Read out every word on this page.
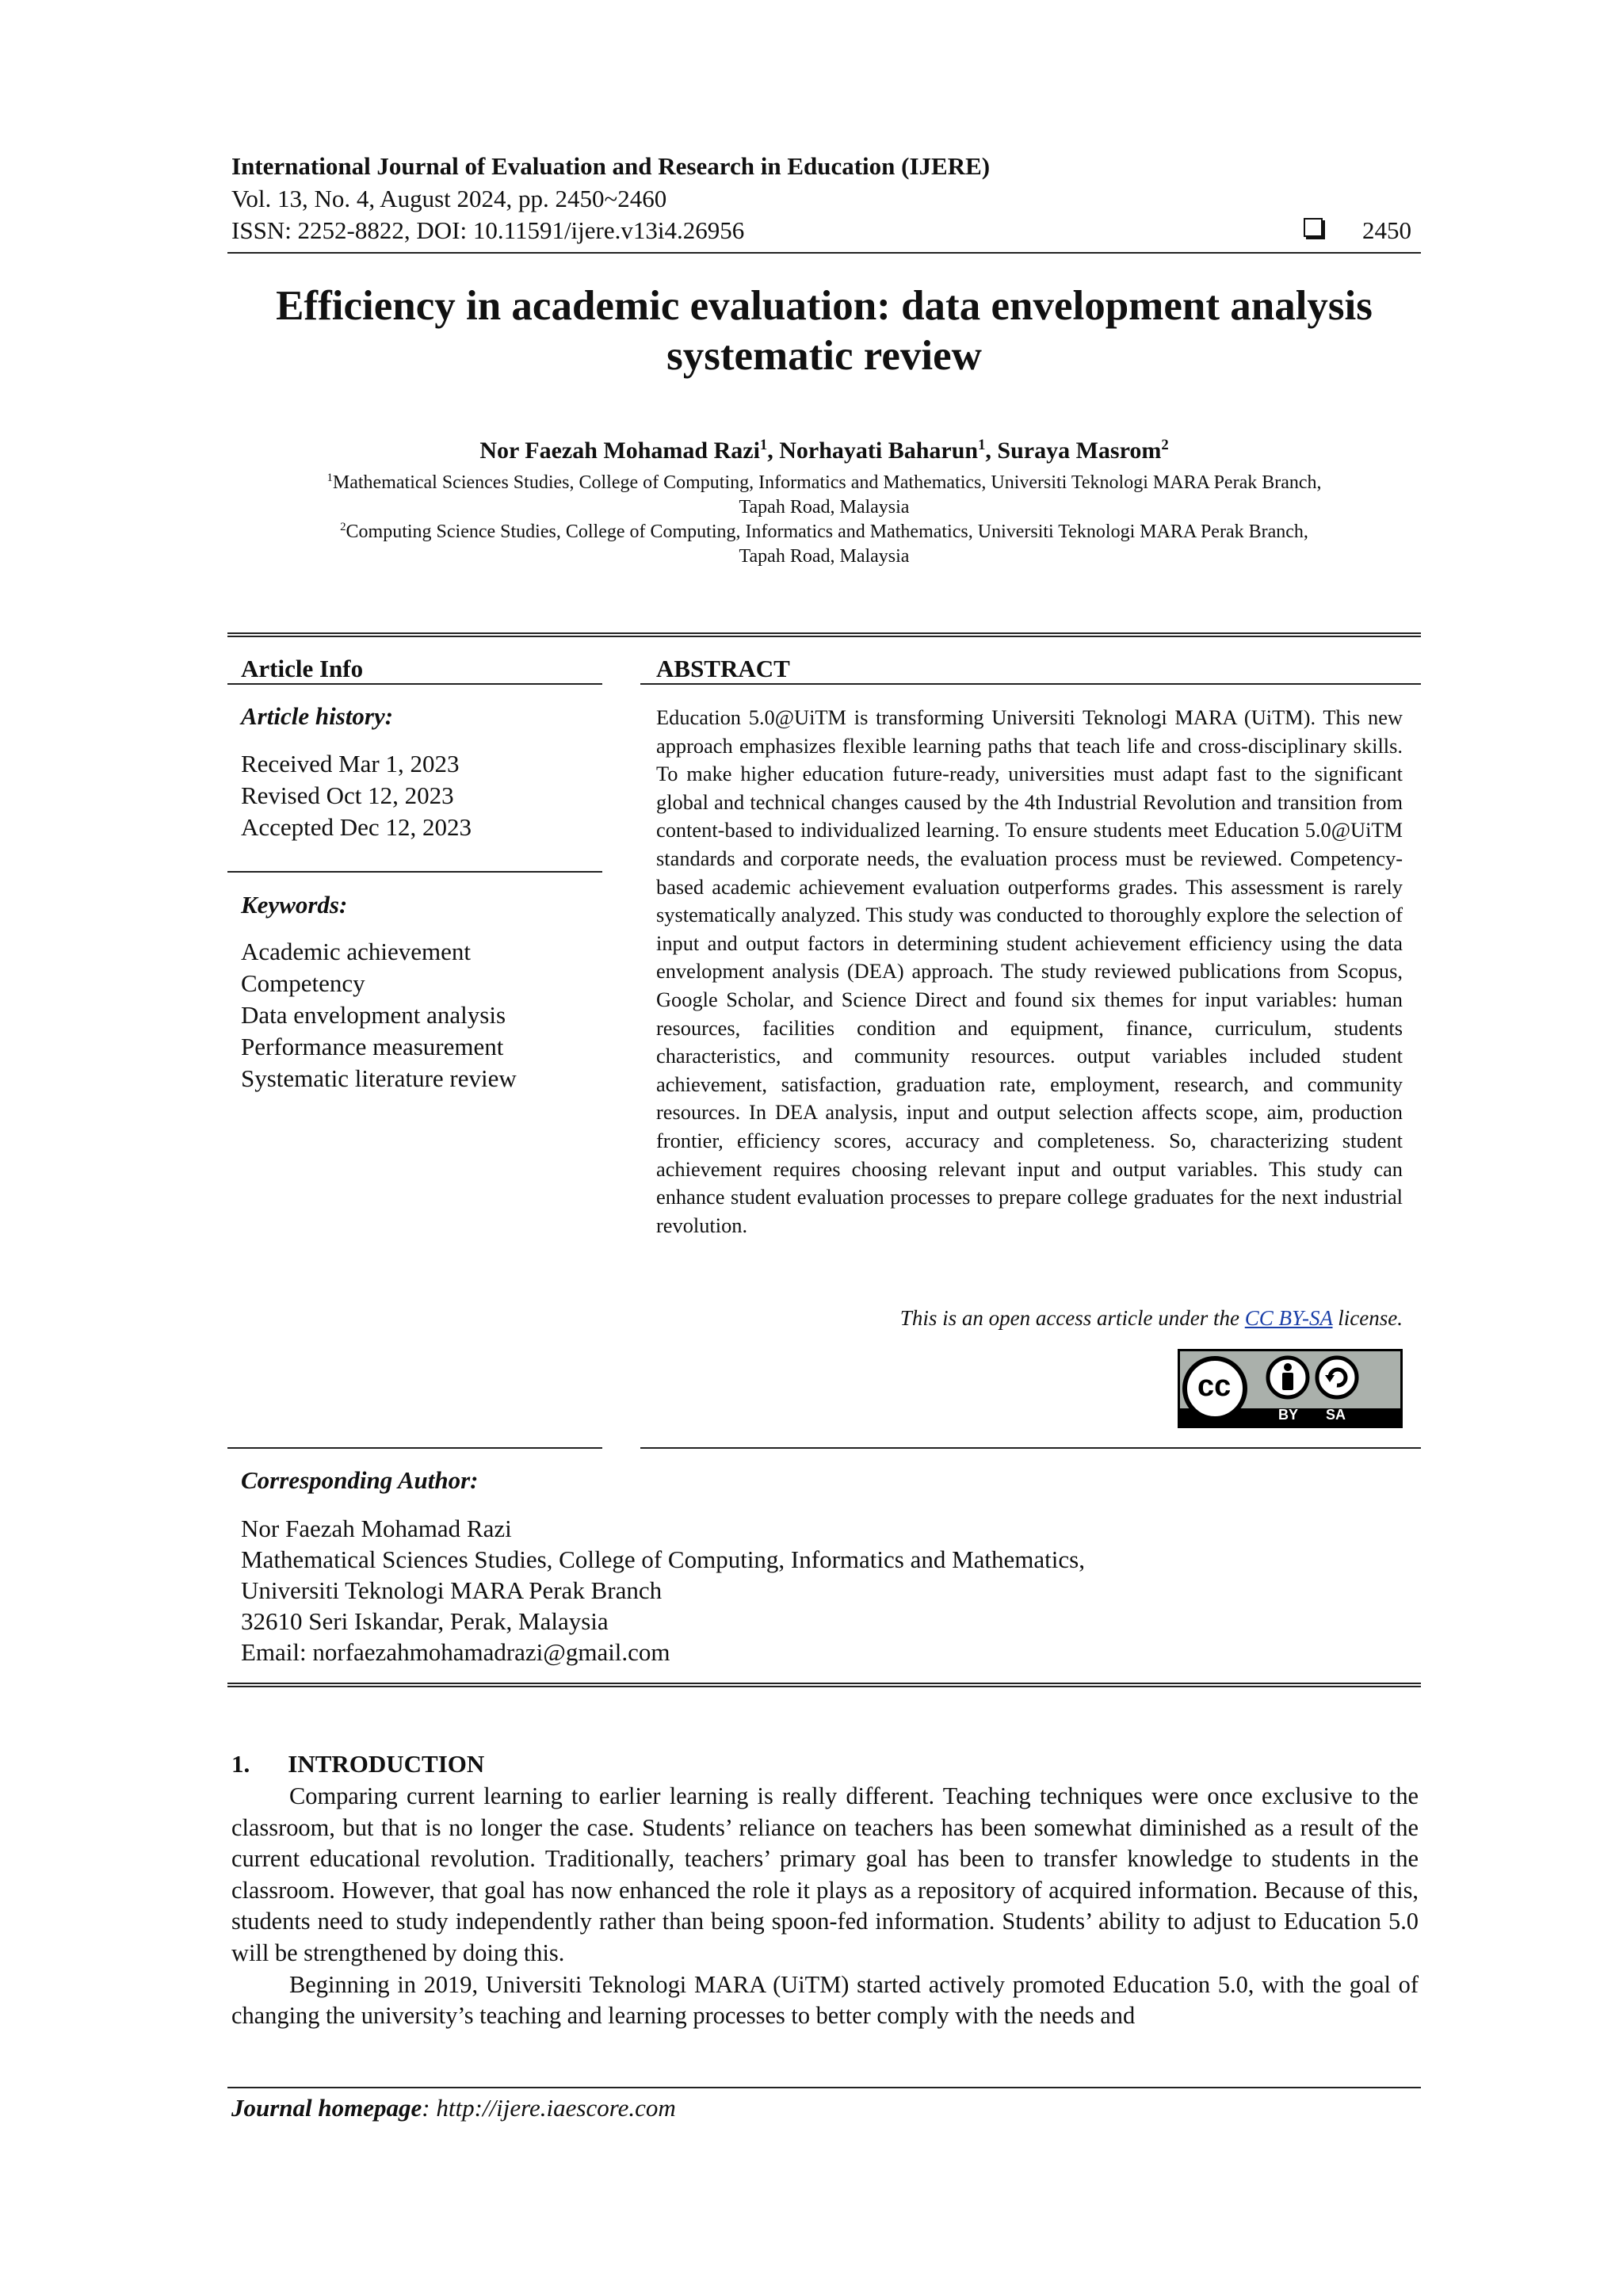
International Journal of Evaluation and Research in Education (IJERE)
Vol. 13, No. 4, August 2024, pp. 2450~2460
ISSN: 2252-8822, DOI: 10.11591/ijere.v13i4.26956	2450
Efficiency in academic evaluation: data envelopment analysis
systematic review
Nor Faezah Mohamad Razi$^1$, Norhayati Baharun$^1$, Suraya Masrom$^2$
$^1$Mathematical Sciences Studies, College of Computing, Informatics and Mathematics, Universiti Teknologi MARA Perak Branch,
Tapah Road, Malaysia
$^2$Computing Science Studies, College of Computing, Informatics and Mathematics, Universiti Teknologi MARA Perak Branch,
Tapah Road, Malaysia
Article Info
Article history:
Received Mar 1, 2023
Revised Oct 12, 2023
Accepted Dec 12, 2023
Keywords:
Academic achievement
Competency
Data envelopment analysis
Performance measurement
Systematic literature review
ABSTRACT
Education 5.0@UiTM is transforming Universiti Teknologi MARA (UiTM). This new approach emphasizes flexible learning paths that teach life and cross-disciplinary skills. To make higher education future-ready, universities must adapt fast to the significant global and technical changes caused by the 4th Industrial Revolution and transition from content-based to individualized learning. To ensure students meet Education 5.0@UiTM standards and corporate needs, the evaluation process must be reviewed. Competency-based academic achievement evaluation outperforms grades. This assessment is rarely systematically analyzed. This study was conducted to thoroughly explore the selection of input and output factors in determining student achievement efficiency using the data envelopment analysis (DEA) approach. The study reviewed publications from Scopus, Google Scholar, and Science Direct and found six themes for input variables: human resources, facilities condition and equipment, finance, curriculum, students characteristics, and community resources. output variables included student achievement, satisfaction, graduation rate, employment, research, and community resources. In DEA analysis, input and output selection affects scope, aim, production frontier, efficiency scores, accuracy and completeness. So, characterizing student achievement requires choosing relevant input and output variables. This study can enhance student evaluation processes to prepare college graduates for the next industrial revolution.
This is an open access article under the CC BY-SA license.
cc
BY SA
Corresponding Author:
Nor Faezah Mohamad Razi
Mathematical Sciences Studies, College of Computing, Informatics and Mathematics,
Universiti Teknologi MARA Perak Branch
32610 Seri Iskandar, Perak, Malaysia
Email: norfaezahmohamadrazi@gmail.com
1. INTRODUCTION

Comparing current learning to earlier learning is really different. Teaching techniques were once exclusive to the classroom, but that is no longer the case. Students’ reliance on teachers has been somewhat diminished as a result of the current educational revolution. Traditionally, teachers’ primary goal has been to transfer knowledge to students in the classroom. However, that goal has now enhanced the role it plays as a repository of acquired information. Because of this, students need to study independently rather than being spoon-fed information. Students’ ability to adjust to Education 5.0 will be strengthened by doing this.

Beginning in 2019, Universiti Teknologi MARA (UiTM) started actively promoted Education 5.0, with the goal of changing the university’s teaching and learning processes to better comply with the needs and

Journal homepage: http://ijere.iaescore.com
